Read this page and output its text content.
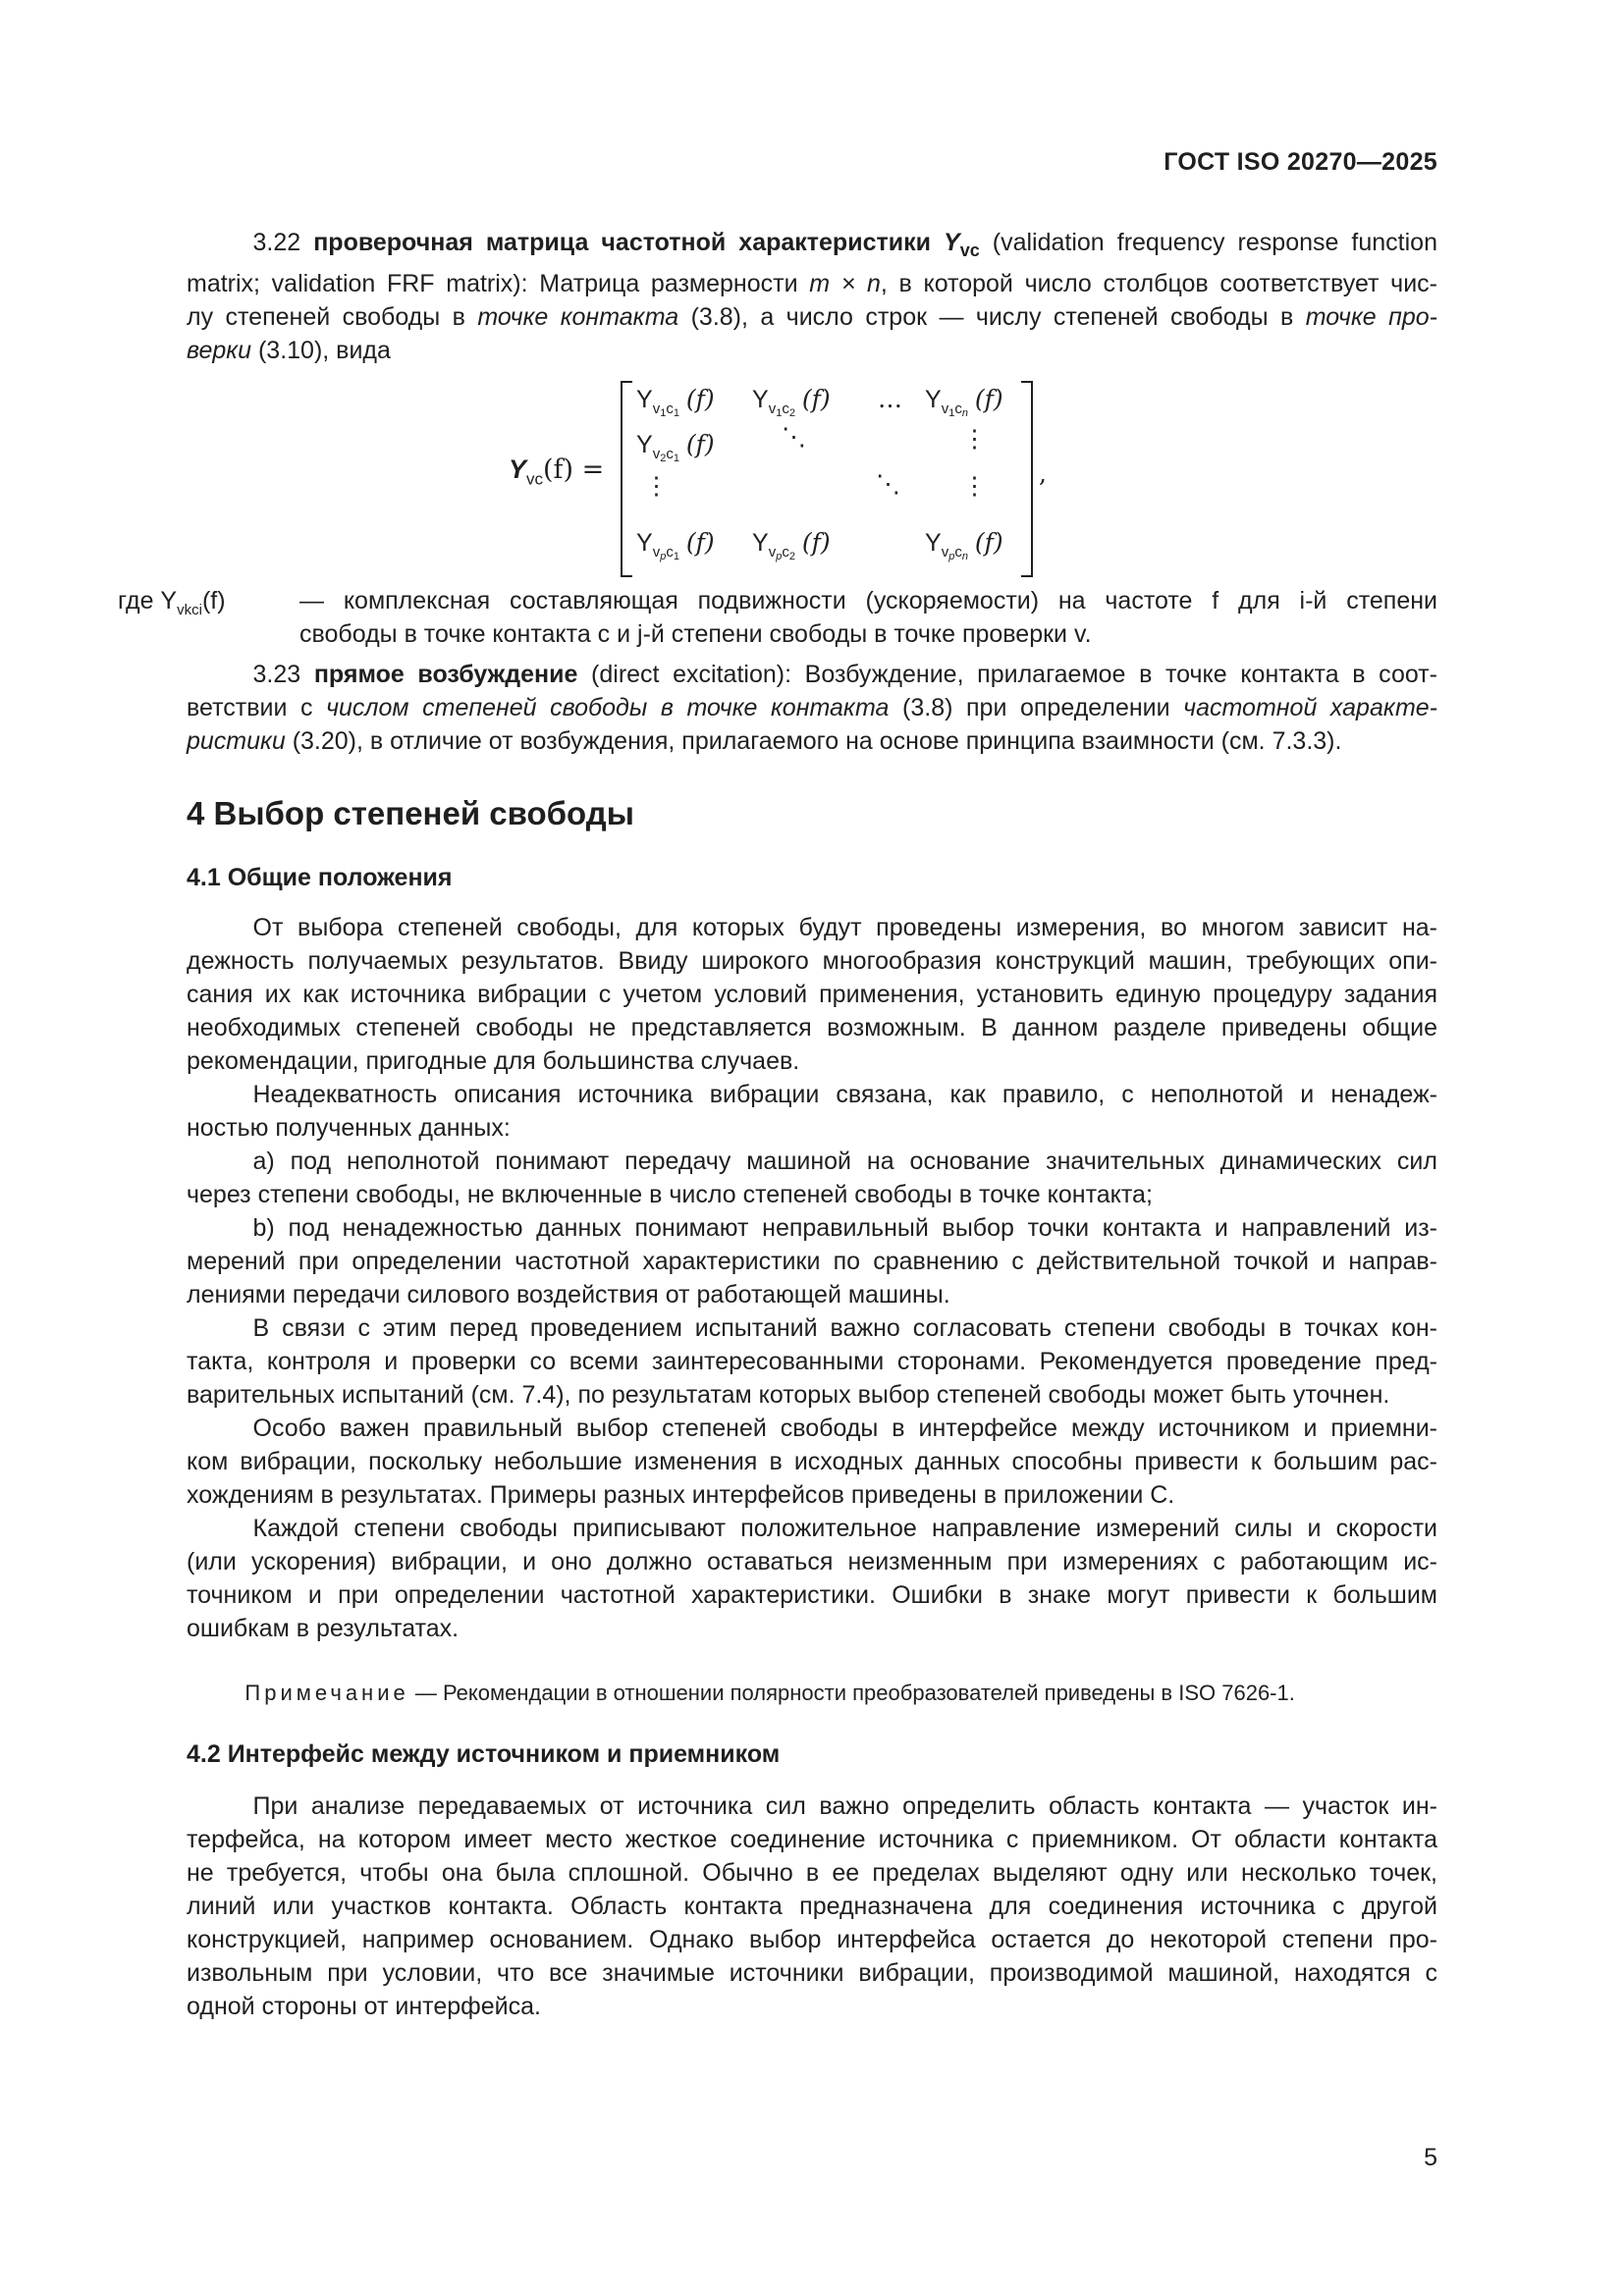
ГОСТ ISO 20270—2025
3.22 проверочная матрица частотной характеристики $Y_{vc}$ (validation frequency response function
matrix; validation FRF matrix): Матрица размерности m × n, в которой число столбцов соответствует чис-
лу степеней свободы в точке контакта (3.8), а число строк — числу степеней свободы в точке про-
верки (3.10), вида
$Y_{vc}(f)$ =
$Y_{v_1c_1}$ (f) $Y_{v_1c_2}$ (f) … $Y_{v_1c_n}$ (f)
$Y_{v_2c_1}$ (f)	⋱	⋮
⋮	⋱	⋮
$Y_{v_pc_1}$ (f) $Y_{v_pc_2}$ (f)	$Y_{v_pc_n}$ (f)
,
где $Y_{vkci}(f)$	— комплексная составляющая подвижности (ускоряемости) на частоте f для i-й степени
свободы в точке контакта c и j-й степени свободы в точке проверки v.
3.23 прямое возбуждение (direct excitation): Возбуждение, прилагаемое в точке контакта в соот-
ветствии с числом степеней свободы в точке контакта (3.8) при определении частотной характе-
ристики (3.20), в отличие от возбуждения, прилагаемого на основе принципа взаимности (см. 7.3.3).
4 Выбор степеней свободы
4.1 Общие положения
От выбора степеней свободы, для которых будут проведены измерения, во многом зависит на-
дежность получаемых результатов. Ввиду широкого многообразия конструкций машин, требующих опи-
сания их как источника вибрации с учетом условий применения, установить единую процедуру задания
необходимых степеней свободы не представляется возможным. В данном разделе приведены общие
рекомендации, пригодные для большинства случаев.
Неадекватность описания источника вибрации связана, как правило, с неполнотой и ненадеж-
ностью полученных данных:
a) под неполнотой понимают передачу машиной на основание значительных динамических сил
через степени свободы, не включенные в число степеней свободы в точке контакта;
b) под ненадежностью данных понимают неправильный выбор точки контакта и направлений из-
мерений при определении частотной характеристики по сравнению с действительной точкой и направ-
лениями передачи силового воздействия от работающей машины.
В связи с этим перед проведением испытаний важно согласовать степени свободы в точках кон-
такта, контроля и проверки со всеми заинтересованными сторонами. Рекомендуется проведение пред-
варительных испытаний (см. 7.4), по результатам которых выбор степеней свободы может быть уточнен.
Особо важен правильный выбор степеней свободы в интерфейсе между источником и приемни-
ком вибрации, поскольку небольшие изменения в исходных данных способны привести к большим рас-
хождениям в результатах. Примеры разных интерфейсов приведены в приложении С.
Каждой степени свободы приписывают положительное направление измерений силы и скорости
(или ускорения) вибрации, и оно должно оставаться неизменным при измерениях с работающим ис-
точником и при определении частотной характеристики. Ошибки в знаке могут привести к большим
ошибкам в результатах.
Примечание — Рекомендации в отношении полярности преобразователей приведены в ISO 7626-1.
4.2 Интерфейс между источником и приемником
При анализе передаваемых от источника сил важно определить область контакта — участок ин-
терфейса, на котором имеет место жесткое соединение источника с приемником. От области контакта
не требуется, чтобы она была сплошной. Обычно в ее пределах выделяют одну или несколько точек,
линий или участков контакта. Область контакта предназначена для соединения источника с другой
конструкцией, например основанием. Однако выбор интерфейса остается до некоторой степени про-
извольным при условии, что все значимые источники вибрации, производимой машиной, находятся с
одной стороны от интерфейса.
5
